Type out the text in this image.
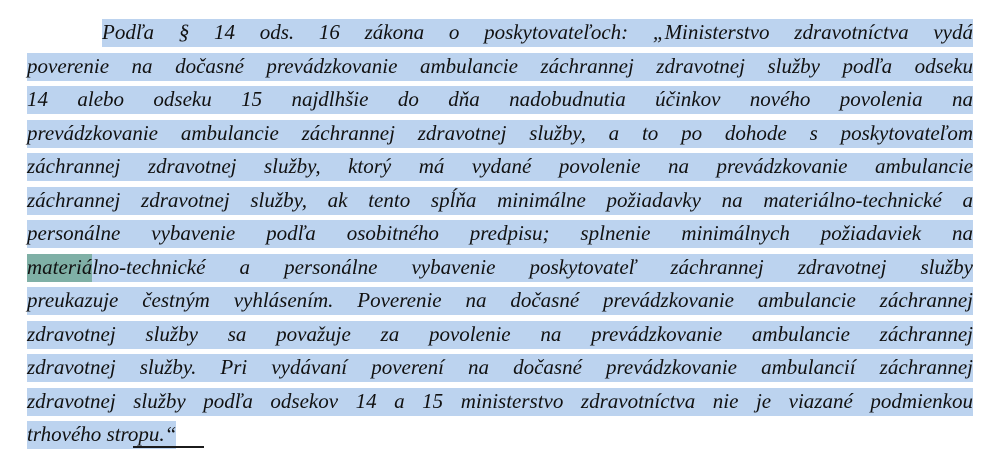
Podľa § 14 ods. 16 zákona o poskytovateľoch: „Ministerstvo zdravotníctva vydá
poverenie na dočasné prevádzkovanie ambulancie záchrannej zdravotnej služby podľa odseku
14 alebo odseku 15 najdlhšie do dňa nadobudnutia účinkov nového povolenia na
prevádzkovanie ambulancie záchrannej zdravotnej služby, a to po dohode s poskytovateľom
záchrannej zdravotnej služby, ktorý má vydané povolenie na prevádzkovanie ambulancie
záchrannej zdravotnej služby, ak tento spĺňa minimálne požiadavky na materiálno-technické a
personálne vybavenie podľa osobitného predpisu; splnenie minimálnych požiadaviek na
materiálno-technické a personálne vybavenie poskytovateľ záchrannej zdravotnej služby
preukazuje čestným vyhlásením. Poverenie na dočasné prevádzkovanie ambulancie záchrannej
zdravotnej služby sa považuje za povolenie na prevádzkovanie ambulancie záchrannej
zdravotnej služby. Pri vydávaní poverení na dočasné prevádzkovanie ambulancií záchrannej
zdravotnej služby podľa odsekov 14 a 15 ministerstvo zdravotníctva nie je viazané podmienkou
trhového stropu.“
